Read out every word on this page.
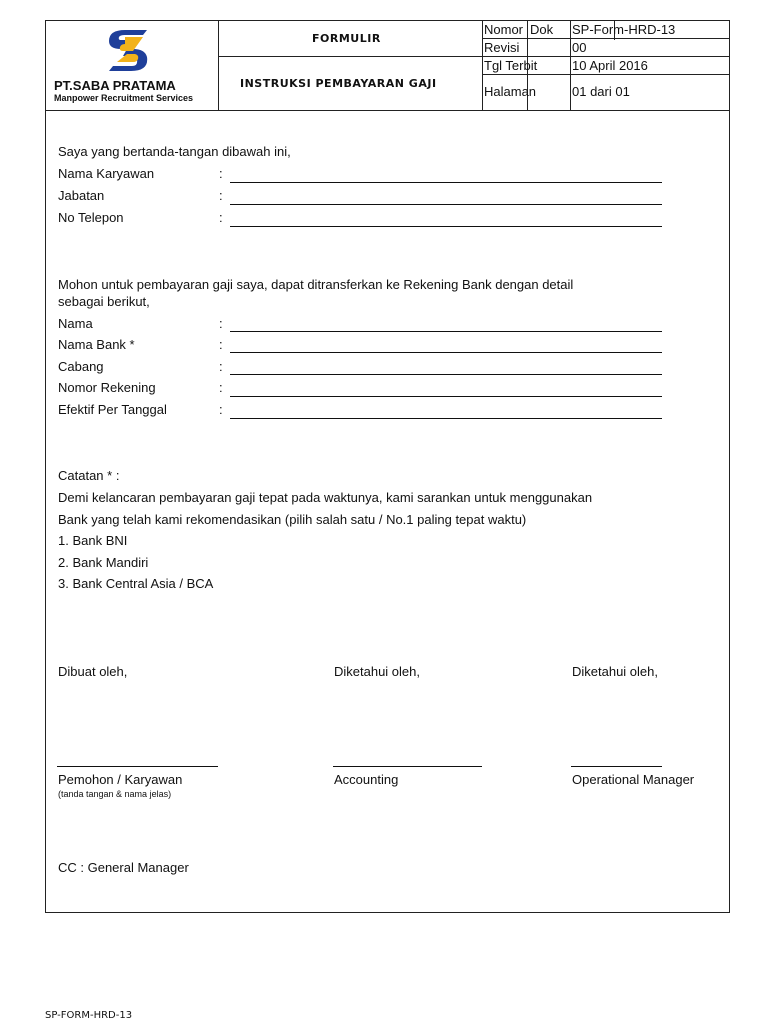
PT.SABA PRATAMA
Manpower Recruitment Services
FORMULIR
INSTRUKSI PEMBAYARAN GAJI
Nomor Dok SP-Form-HRD-13
Revisi	00
Tgl Terbit	10 April 2016
Halaman	01 dari 01
Saya yang bertanda-tangan dibawah ini,
Nama Karyawan	:
Jabatan	:
No Telepon	:
Mohon untuk pembayaran gaji saya, dapat ditransferkan ke Rekening Bank dengan detail
sebagai berikut,
Nama	:
Nama Bank *	:
Cabang	:
Nomor Rekening	:
Efektif Per Tanggal	:
Catatan * :
Demi kelancaran pembayaran gaji tepat pada waktunya, kami sarankan untuk menggunakan
Bank yang telah kami rekomendasikan (pilih salah satu / No.1 paling tepat waktu)
1. Bank BNI
2. Bank Mandiri
3. Bank Central Asia / BCA
Dibuat oleh,	Diketahui oleh,	Diketahui oleh,
Pemohon / Karyawan
(tanda tangan & nama jelas)
Accounting	Operational Manager
CC : General Manager
SP-FORM-HRD-13
